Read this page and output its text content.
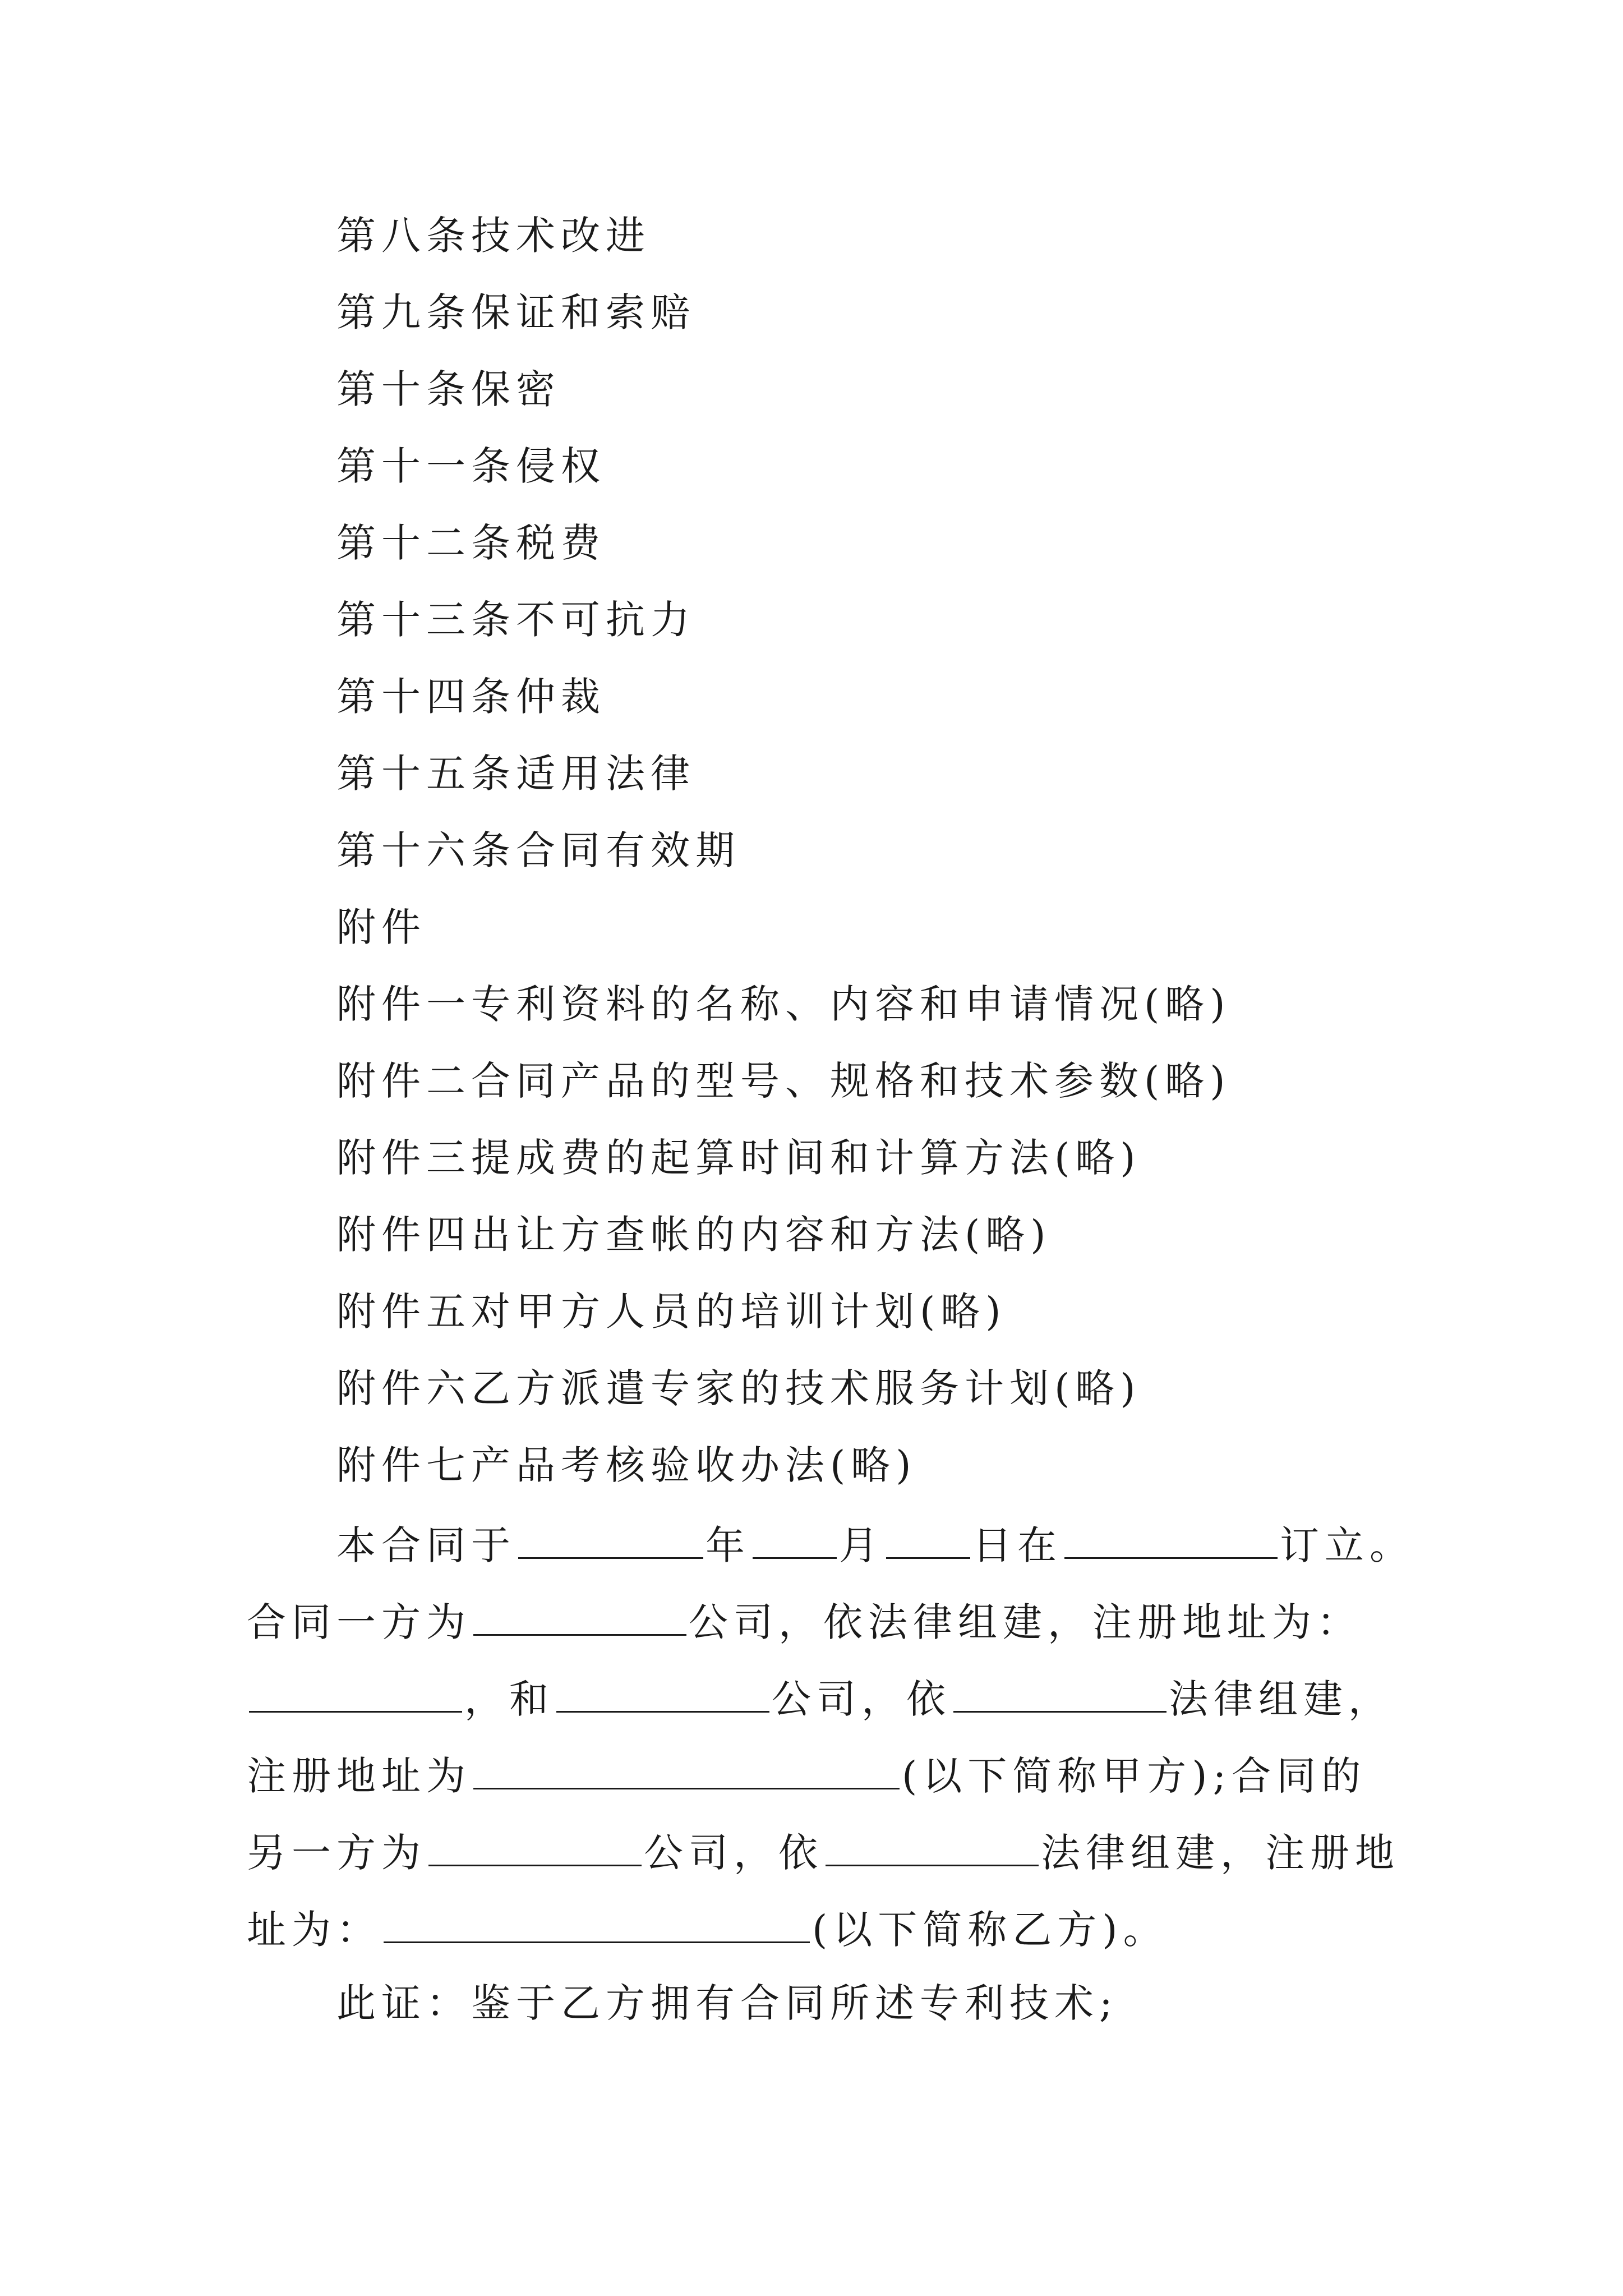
第八条技术改进
第九条保证和索赔
第十条保密
第十一条侵权
第十二条税费
第十三条不可抗力
第十四条仲裁
第十五条适用法律
第十六条合同有效期
附件
附件一专利资料的名称、内容和申请情况(略)
附件二合同产品的型号、规格和技术参数(略)
附件三提成费的起算时间和计算方法(略)
附件四出让方查帐的内容和方法(略)
附件五对甲方人员的培训计划(略)
附件六乙方派遣专家的技术服务计划(略)
附件七产品考核验收办法(略)
本合同于	年 月 日在	订立。
合同一方为	公司，依法律组建，注册地址为：
，和	公司，依	法律组建，
注册地址为	(以下简称甲方);合同的
另一方为	公司，依	法律组建，注册地
址为：	(以下简称乙方)。
此证：鉴于乙方拥有合同所述专利技术;
